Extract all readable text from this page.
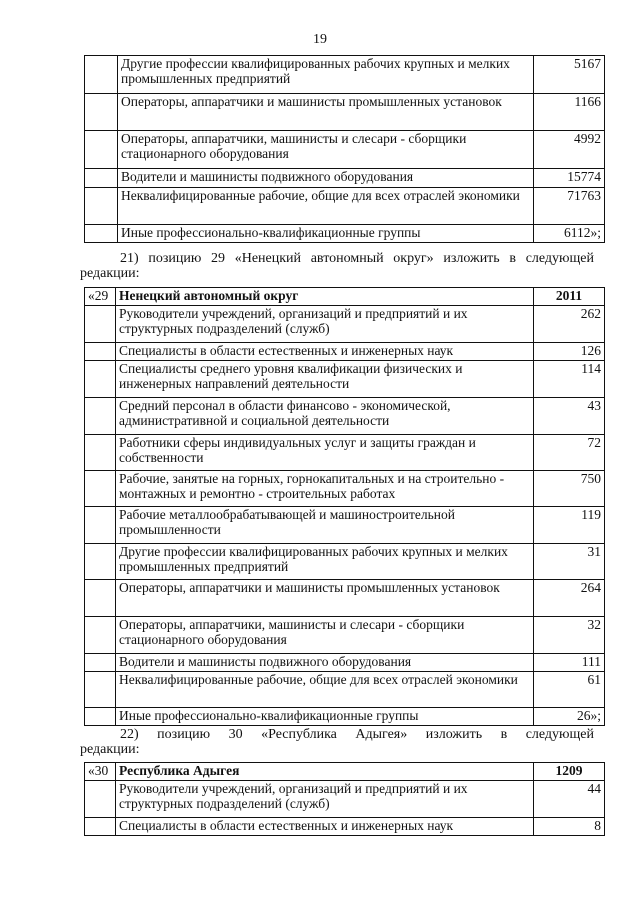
19
	Другие профессии квалифицированных рабочих крупных и мелких промышленных предприятий	5167
	Операторы, аппаратчики и машинисты промышленных установок	1166
	Операторы, аппаратчики, машинисты и слесари - сборщики стационарного оборудования	4992
	Водители и машинисты подвижного оборудования	15774
	Неквалифицированные рабочие, общие для всех отраслей экономики	71763
	Иные профессионально-квалификационные группы	6112»;
21) позицию 29 «Ненецкий автономный округ» изложить в следующей
редакции:
«29	Ненецкий автономный округ	2011
	Руководители учреждений, организаций и предприятий и их структурных подразделений (служб)	262
	Специалисты в области естественных и инженерных наук	126
	Специалисты среднего уровня квалификации физических и инженерных направлений деятельности	114
	Средний персонал в области финансово - экономической, административной и социальной деятельности	43
	Работники сферы индивидуальных услуг и защиты граждан и собственности	72
	Рабочие, занятые на горных, горнокапитальных и на строительно - монтажных и ремонтно - строительных работах	750
	Рабочие металлообрабатывающей и машиностроительной промышленности	119
	Другие профессии квалифицированных рабочих крупных и мелких промышленных предприятий	31
	Операторы, аппаратчики и машинисты промышленных установок	264
	Операторы, аппаратчики, машинисты и слесари - сборщики стационарного оборудования	32
	Водители и машинисты подвижного оборудования	111
	Неквалифицированные рабочие, общие для всех отраслей экономики	61
	Иные профессионально-квалификационные группы	26»;
22) позицию 30 «Республика Адыгея» изложить в следующей
редакции:
«30	Республика Адыгея	1209
	Руководители учреждений, организаций и предприятий и их структурных подразделений (служб)	44
	Специалисты в области естественных и инженерных наук	8
